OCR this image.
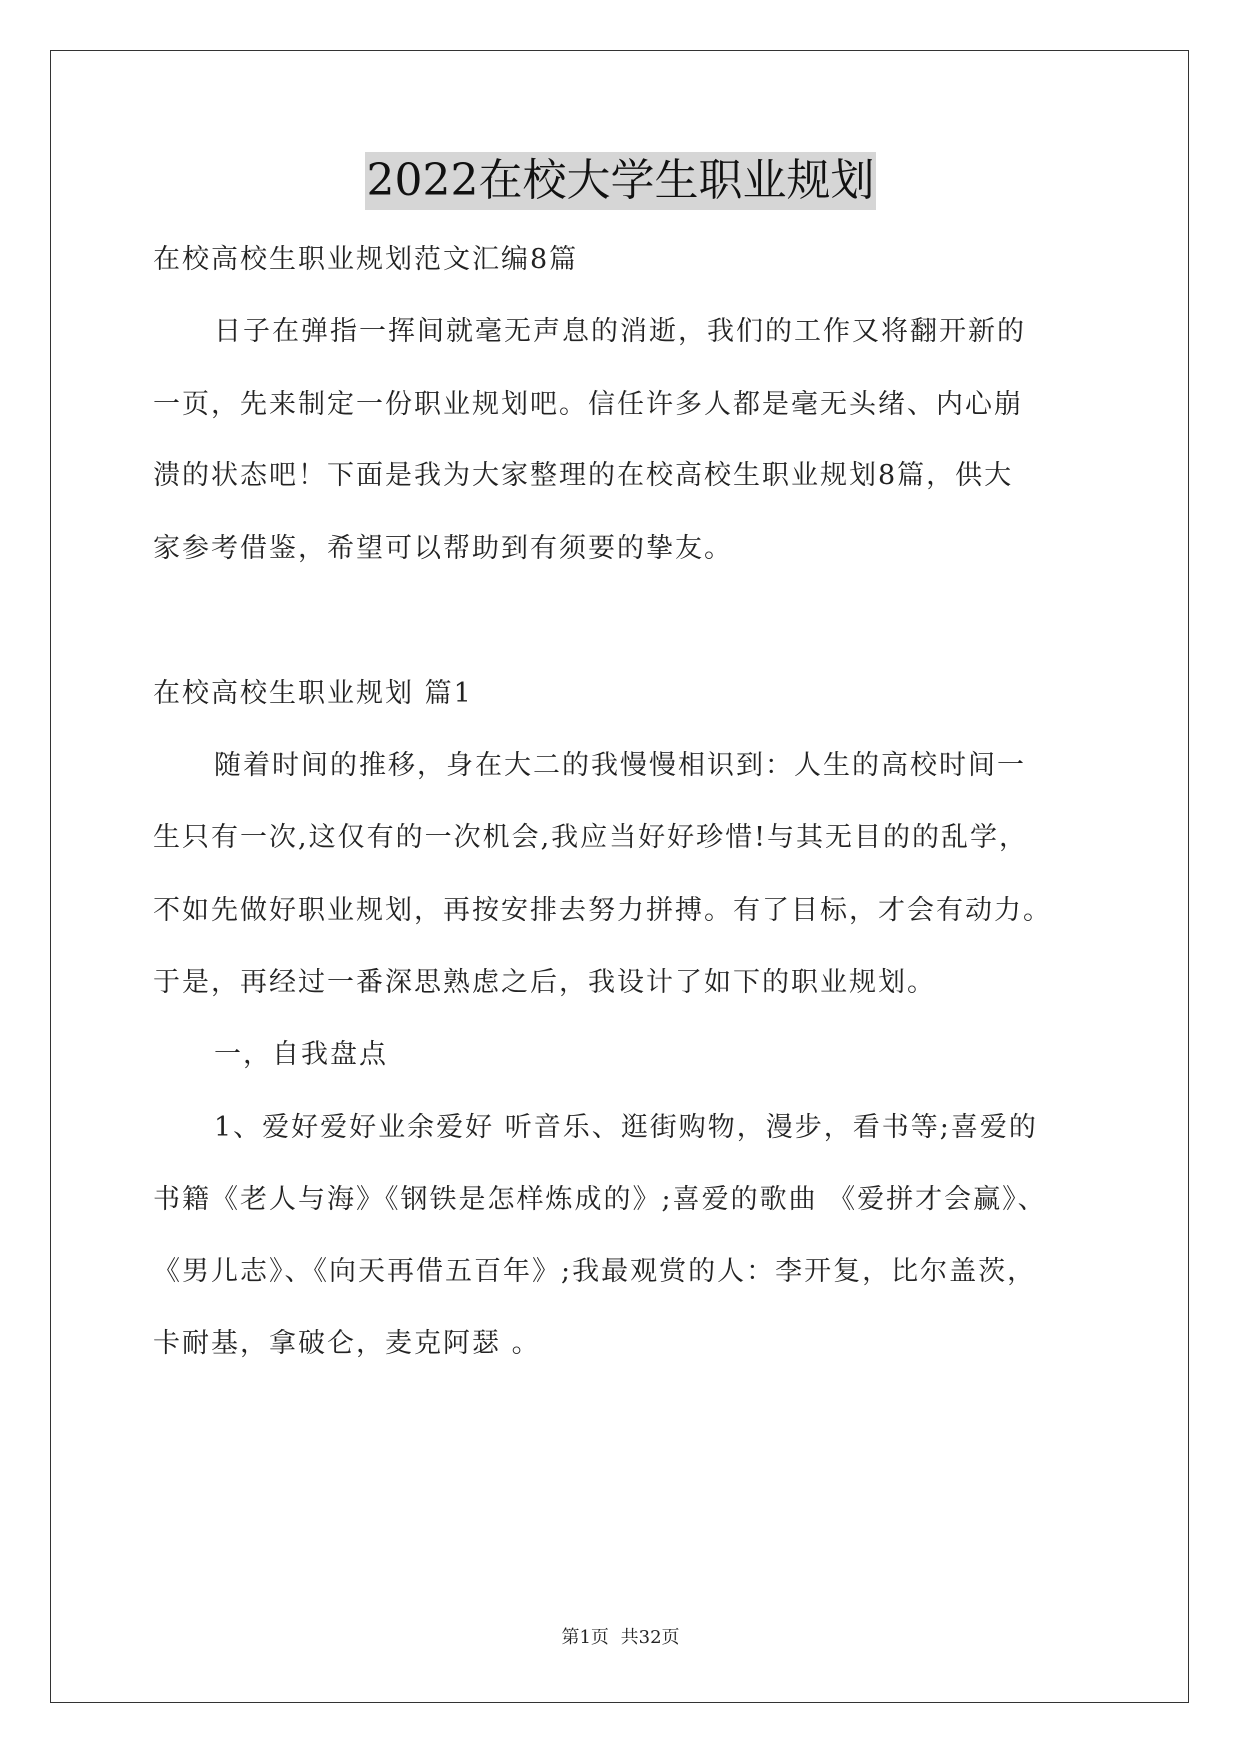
2022在校大学生职业规划
在校高校生职业规划范文汇编8篇
日子在弹指一挥间就毫无声息的消逝，我们的工作又将翻开新的
一页，先来制定一份职业规划吧。信任许多人都是毫无头绪、内心崩
溃的状态吧！下面是我为大家整理的在校高校生职业规划8篇，供大
家参考借鉴，希望可以帮助到有须要的挚友。
在校高校生职业规划 篇1
随着时间的推移，身在大二的我慢慢相识到：人生的高校时间一
生只有一次,这仅有的一次机会,我应当好好珍惜!与其无目的的乱学，
不如先做好职业规划，再按安排去努力拼搏。有了目标，才会有动力。
于是，再经过一番深思熟虑之后，我设计了如下的职业规划。
一，自我盘点
1、爱好爱好业余爱好 听音乐、逛街购物，漫步，看书等;喜爱的
书籍《老人与海》《钢铁是怎样炼成的》;喜爱的歌曲 《爱拼才会赢》、
《男儿志》、《向天再借五百年》;我最观赏的人：李开复，比尔盖茨，
卡耐基，拿破仑，麦克阿瑟 。
第1页 共32页
